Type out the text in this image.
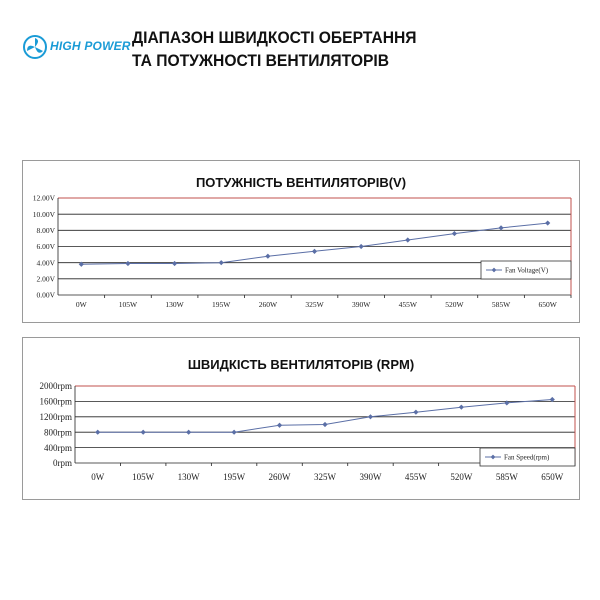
HIGH POWER ДІАПАЗОН ШВИДКОСТІ ОБЕРТАННЯ
ТА ПОТУЖНОСТІ ВЕНТИЛЯТОРІВ
ПОТУЖНІСТЬ ВЕНТИЛЯТОРІВ(V)
12.00V
10.00V
8.00V
6.00V
4.00V
2.00V
0.00V
0W	105W	130W	195W	260W	325W	390W	455W	520W	585W	650W
Fan Voltage(V)
ШВИДКІСТЬ ВЕНТИЛЯТОРІВ (RPM)
2000rpm
1600rpm
1200rpm
800rpm
400rpm
0rpm
0W	105W	130W	195W	260W	325W	390W	455W	520W	585W	650W
Fan Speed(rpm)
